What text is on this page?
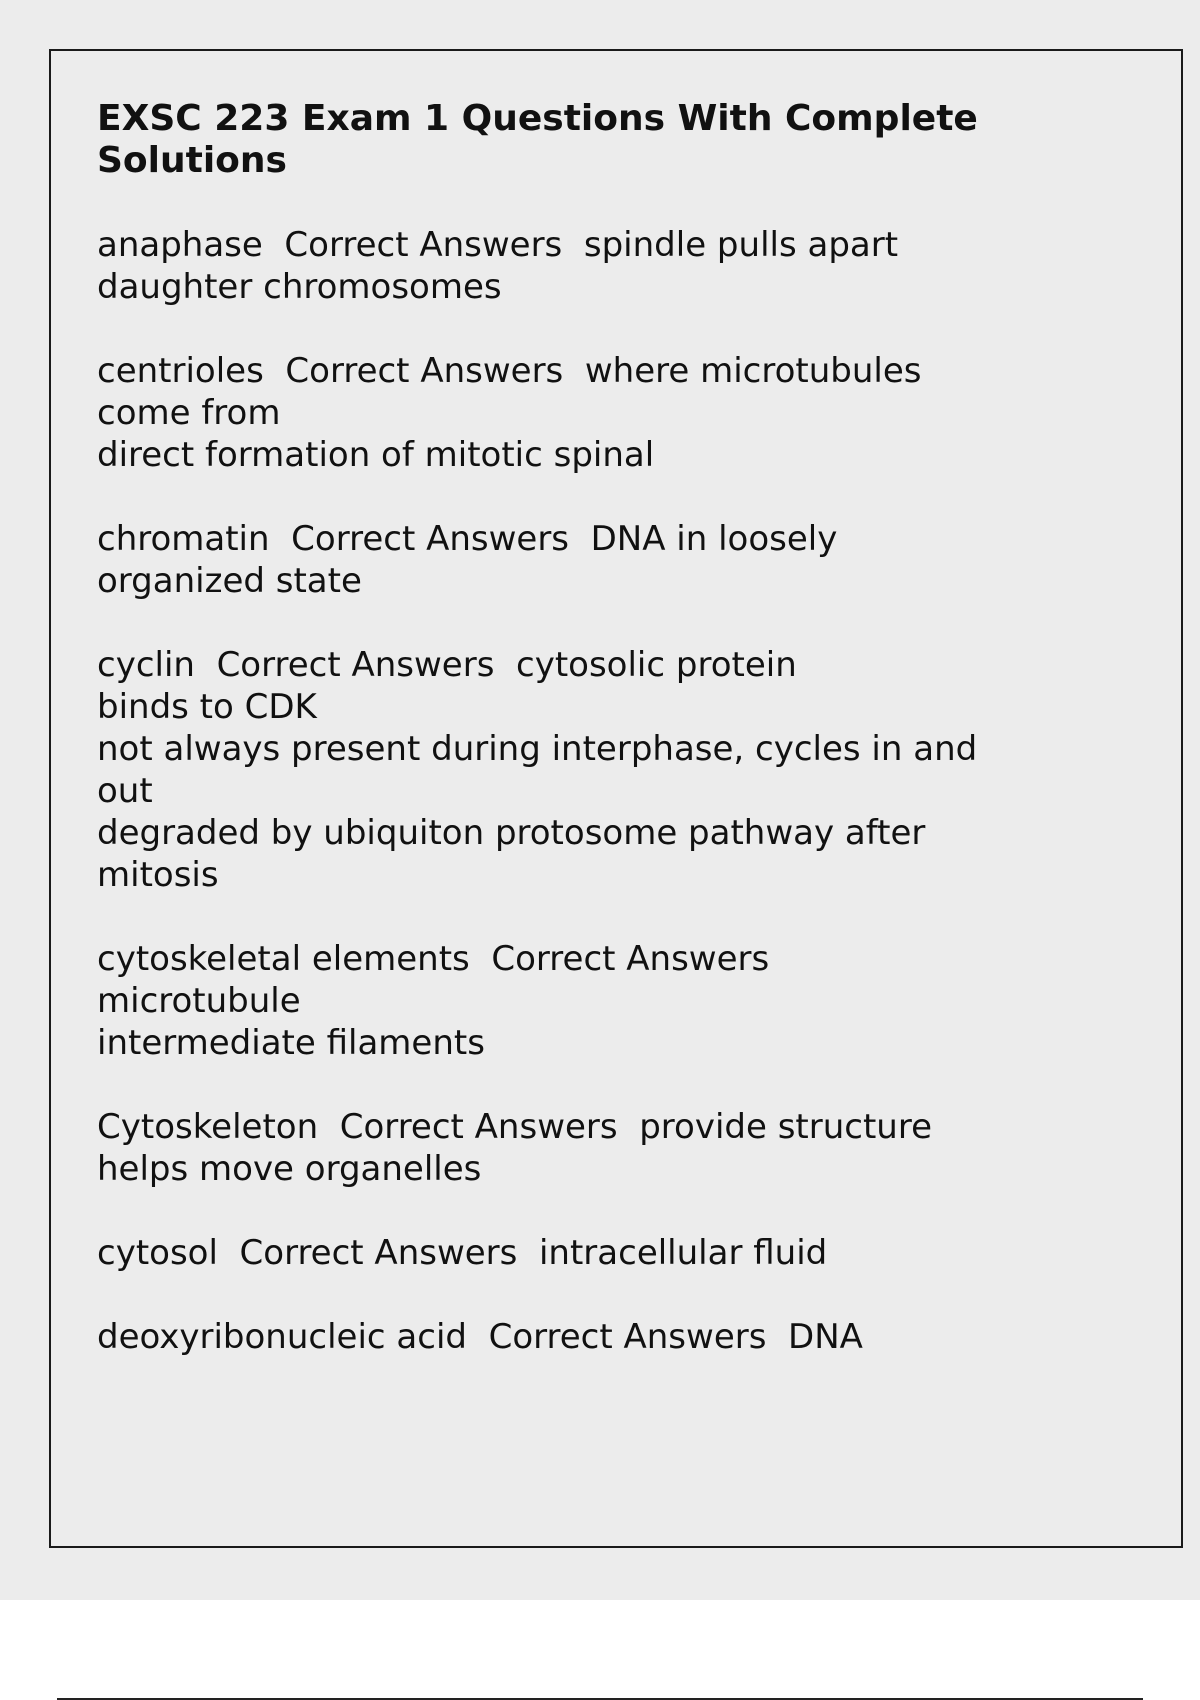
EXSC 223 Exam 1 Questions With Complete Solutions
anaphase  Correct Answers  spindle pulls apart
daughter chromosomes
centrioles  Correct Answers  where microtubules
come from
direct formation of mitotic spinal
chromatin  Correct Answers  DNA in loosely
organized state
cyclin  Correct Answers  cytosolic protein
binds to CDK
not always present during interphase, cycles in and
out
degraded by ubiquiton protosome pathway after
mitosis
cytoskeletal elements  Correct Answers
microtubule
intermediate filaments
Cytoskeleton  Correct Answers  provide structure
helps move organelles
cytosol  Correct Answers  intracellular fluid
deoxyribonucleic acid  Correct Answers  DNA
